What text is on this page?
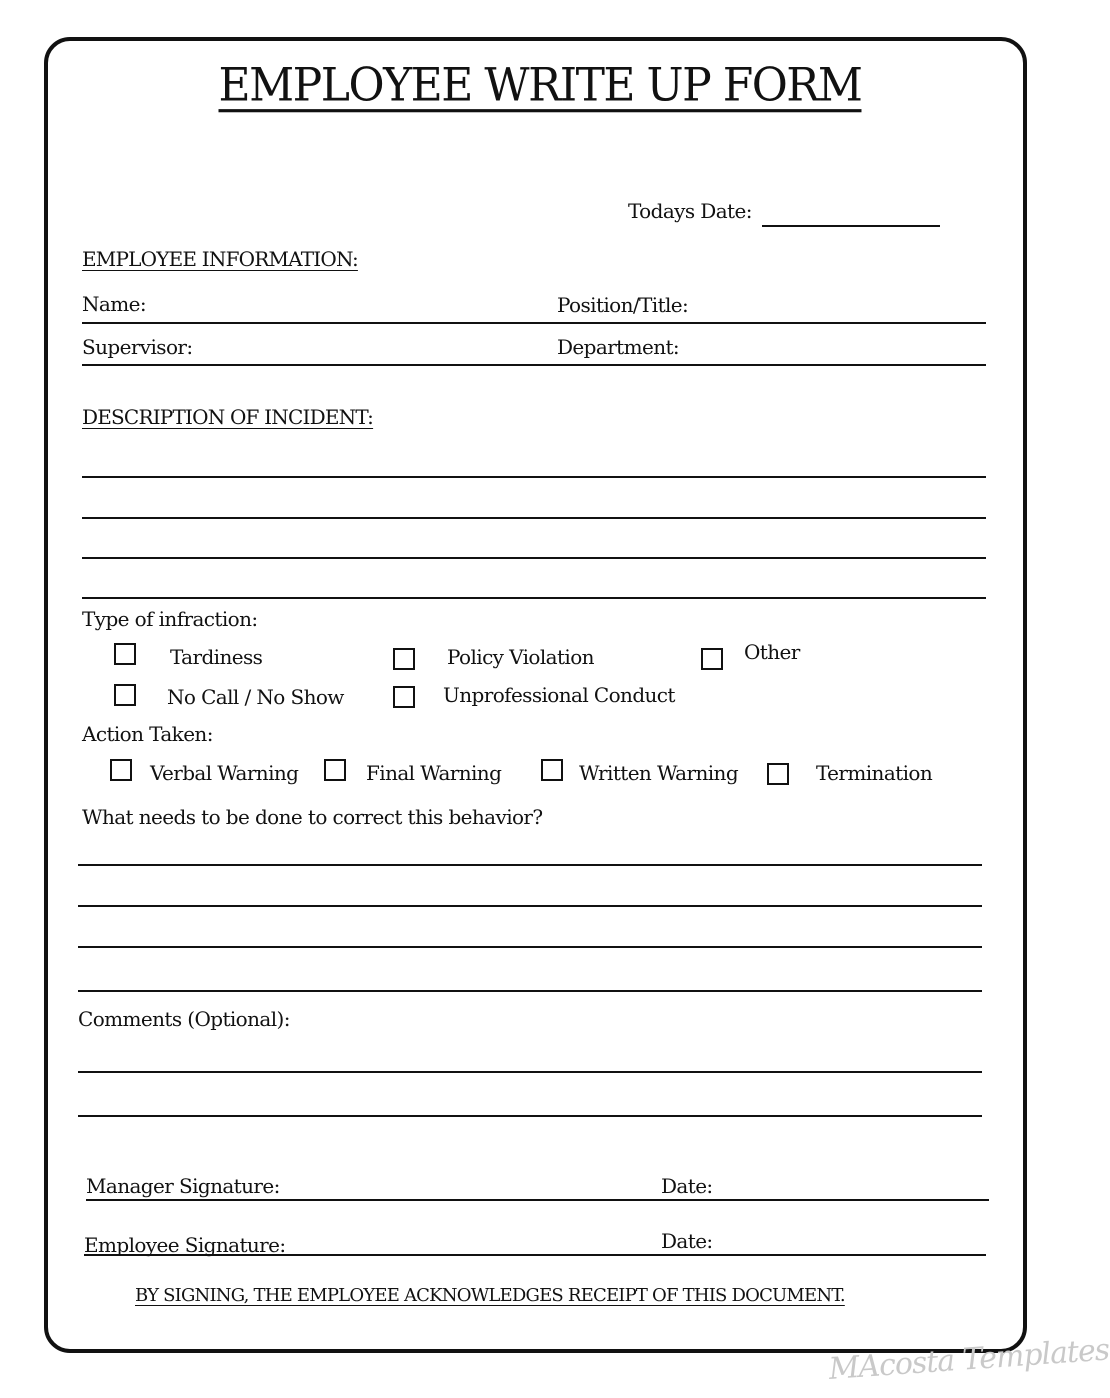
EMPLOYEE WRITE UP FORM
Todays Date:
EMPLOYEE INFORMATION:
Name:	Position/Title:
Supervisor:	Department:
DESCRIPTION OF INCIDENT:
Type of infraction:
Tardiness	Policy Violation	Other
No Call / No Show	Unprofessional Conduct
Action Taken:
Verbal Warning	Final Warning	Written Warning	Termination
What needs to be done to correct this behavior?
Comments (Optional):
Manager Signature:	Date:
Employee Signature:	Date:
BY SIGNING, THE EMPLOYEE ACKNOWLEDGES RECEIPT OF THIS DOCUMENT.
MAcosta Templates
